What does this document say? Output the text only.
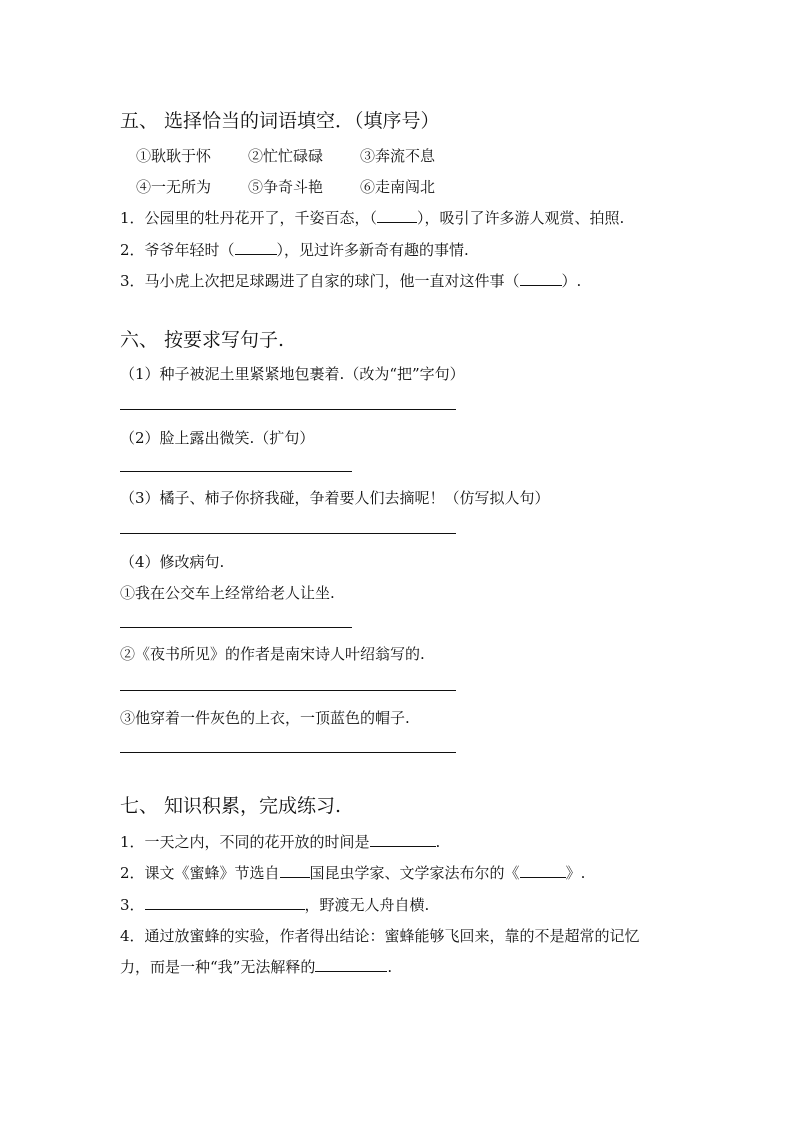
五、 选择恰当的词语填空．（填序号）
①耿耿于怀 ②忙忙碌碌 ③奔流不息
④一无所为 ⑤争奇斗艳 ⑥走南闯北
1．公园里的牡丹花开了，千姿百态，（	），吸引了许多游人观赏、拍照.
2．爷爷年轻时（	），见过许多新奇有趣的事情.
3．马小虎上次把足球踢进了自家的球门，他一直对这件事（	）.
六、 按要求写句子.
（1）种子被泥土里紧紧地包裹着.（改为“把”字句）
（2）脸上露出微笑.（扩句）
（3）橘子、柿子你挤我碰，争着要人们去摘呢！（仿写拟人句）
（4）修改病句.
①我在公交车上经常给老人让坐.
②《夜书所见》的作者是南宋诗人叶绍翁写的.
③他穿着一件灰色的上衣，一顶蓝色的帽子.
七、 知识积累，完成练习.
1．一天之内，不同的花开放的时间是	.
2．课文《蜜蜂》节选自 国昆虫学家、文学家法布尔的《	》.
3．	，野渡无人舟自横.
4．通过放蜜蜂的实验，作者得出结论：蜜蜂能够飞回来，靠的不是超常的记忆
力，而是一种“我”无法解释的	.
